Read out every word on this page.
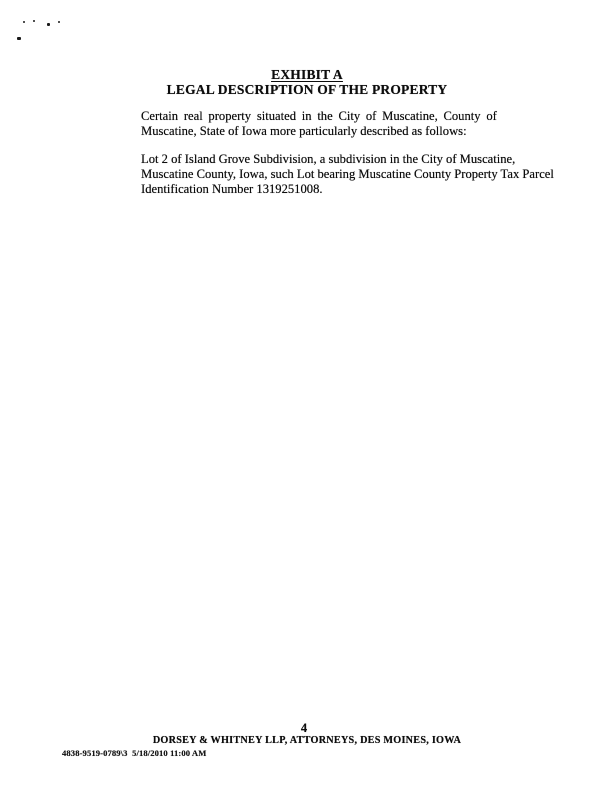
EXHIBIT A
LEGAL DESCRIPTION OF THE PROPERTY
Certain real property situated in the City of Muscatine, County of
Muscatine, State of Iowa more particularly described as follows:
Lot 2 of Island Grove Subdivision, a subdivision in the City of Muscatine,
Muscatine County, Iowa, such Lot bearing Muscatine County Property Tax Parcel
Identification Number 1319251008.
4
DORSEY & WHITNEY LLP, ATTORNEYS, DES MOINES, IOWA
4838-9519-0789\3  5/18/2010 11:00 AM
